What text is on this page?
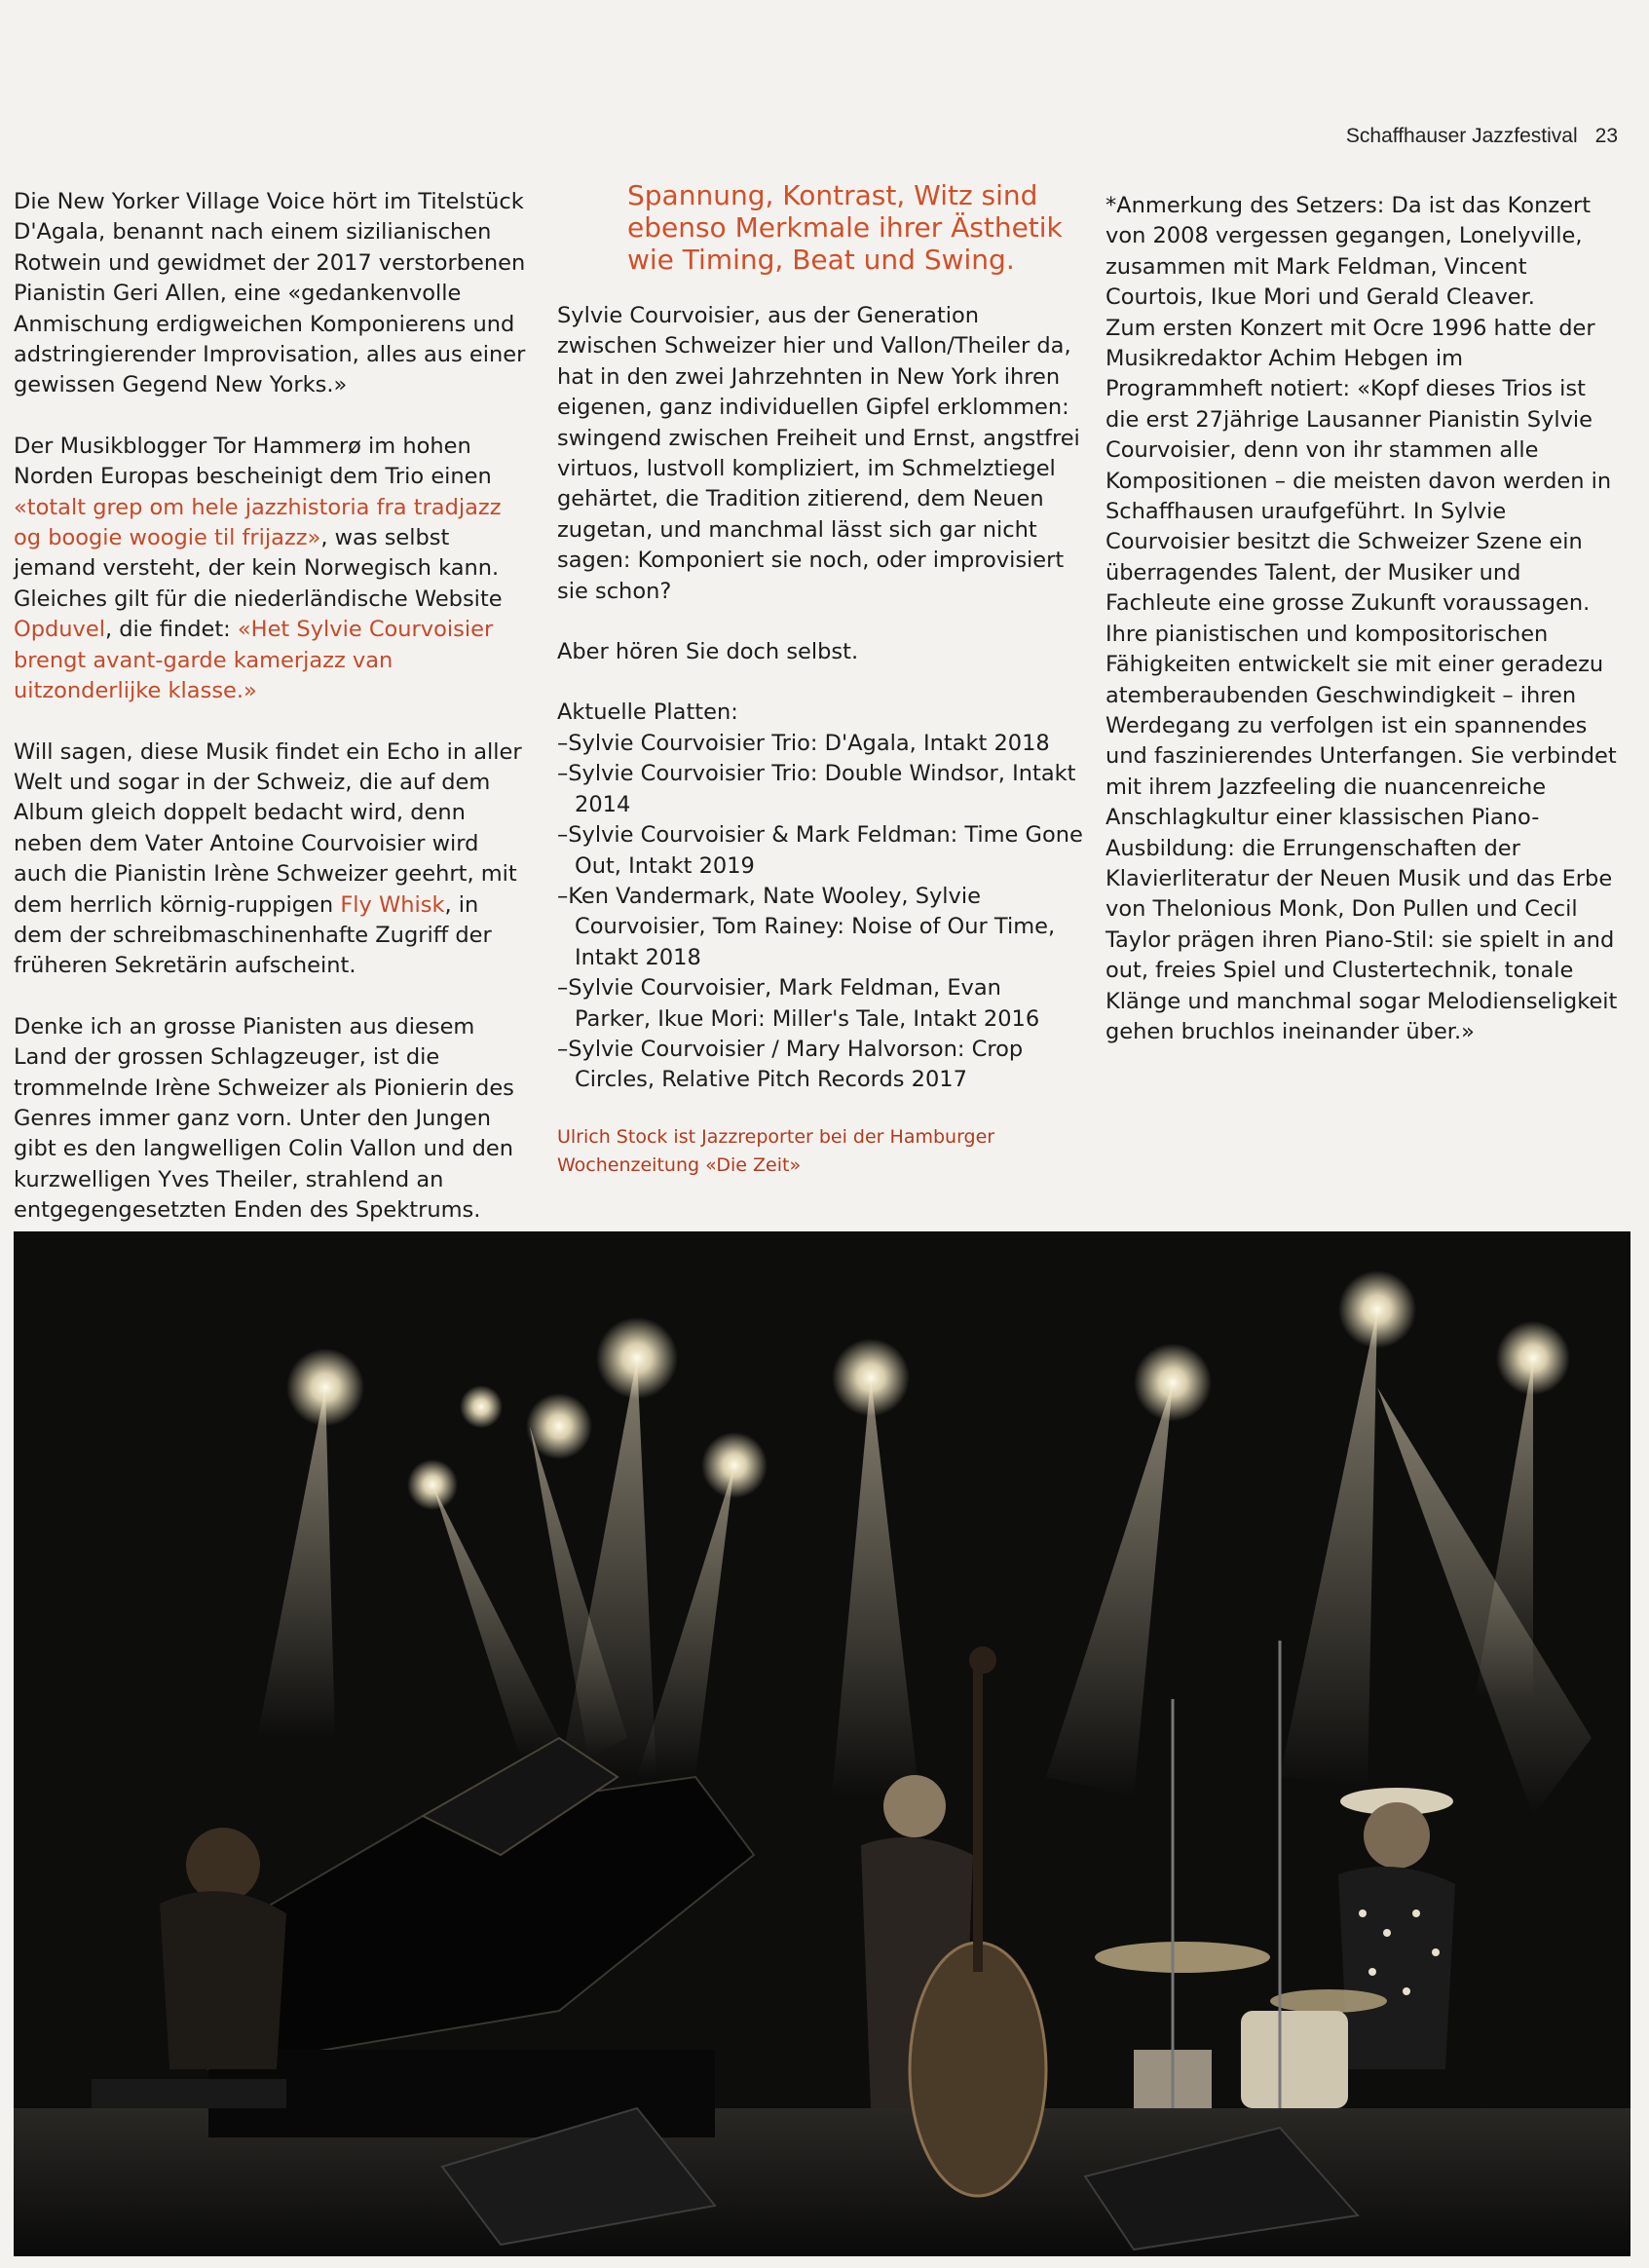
Schaffhauser Jazzfestival 23

Die New Yorker Village Voice hört im Titelstück D'Agala, benannt nach einem sizilianischen Rotwein und gewidmet der 2017 verstorbenen Pianistin Geri Allen, eine «gedankenvolle Anmischung erdigweichen Komponierens und adstringierender Improvisation, alles aus einer gewissen Gegend New Yorks.»

Der Musikblogger Tor Hammerø im hohen Norden Europas bescheinigt dem Trio einen «totalt grep om hele jazzhistoria fra tradjazz og boogie woogie til frijazz», was selbst jemand versteht, der kein Norwegisch kann. Gleiches gilt für die niederländische Website Opduvel, die findet: «Het Sylvie Courvoisier brengt avant-garde kamerjazz van uitzonderlijke klasse.»

Will sagen, diese Musik findet ein Echo in aller Welt und sogar in der Schweiz, die auf dem Album gleich doppelt bedacht wird, denn neben dem Vater Antoine Courvoisier wird auch die Pianistin Irène Schweizer geehrt, mit dem herrlich körnig-ruppigen Fly Whisk, in dem der schreibmaschinenhafte Zugriff der früheren Sekretärin aufscheint.

Denke ich an grosse Pianisten aus diesem Land der grossen Schlagzeuger, ist die trommelnde Irène Schweizer als Pionierin des Genres immer ganz vorn. Unter den Jungen gibt es den langwelligen Colin Vallon und den kurzwelligen Yves Theiler, strahlend an entgegengesetzten Enden des Spektrums.

Spannung, Kontrast, Witz sind ebenso Merkmale ihrer Ästhetik wie Timing, Beat und Swing.

Sylvie Courvoisier, aus der Generation zwischen Schweizer hier und Vallon/Theiler da, hat in den zwei Jahrzehnten in New York ihren eigenen, ganz individuellen Gipfel erklommen: swingend zwischen Freiheit und Ernst, angstfrei virtuos, lustvoll kompliziert, im Schmelztiegel gehärtet, die Tradition zitierend, dem Neuen zugetan, und manchmal lässt sich gar nicht sagen: Komponiert sie noch, oder improvisiert sie schon?

Aber hören Sie doch selbst.

Aktuelle Platten:

–Sylvie Courvoisier Trio: D'Agala, Intakt 2018
–Sylvie Courvoisier Trio: Double Windsor, Intakt 2014
–Sylvie Courvoisier & Mark Feldman: Time Gone Out, Intakt 2019
–Ken Vandermark, Nate Wooley, Sylvie Courvoisier, Tom Rainey: Noise of Our Time, Intakt 2018
–Sylvie Courvoisier, Mark Feldman, Evan Parker, Ikue Mori: Miller's Tale, Intakt 2016
–Sylvie Courvoisier / Mary Halvorson: Crop Circles, Relative Pitch Records 2017

Ulrich Stock ist Jazzreporter bei der Hamburger Wochenzeitung «Die Zeit»

*Anmerkung des Setzers: Da ist das Konzert von 2008 vergessen gegangen, Lonelyville, zusammen mit Mark Feldman, Vincent Courtois, Ikue Mori und Gerald Cleaver.

Zum ersten Konzert mit Ocre 1996 hatte der Musikredaktor Achim Hebgen im Programmheft notiert: «Kopf dieses Trios ist die erst 27jährige Lausanner Pianistin Sylvie Courvoisier, denn von ihr stammen alle Kompositionen – die meisten davon werden in Schaffhausen uraufgeführt. In Sylvie Courvoisier besitzt die Schweizer Szene ein überragendes Talent, der Musiker und Fachleute eine grosse Zukunft voraussagen. Ihre pianistischen und kompositorischen Fähigkeiten entwickelt sie mit einer geradezu atemberaubenden Geschwindigkeit – ihren Werdegang zu verfolgen ist ein spannendes und faszinierendes Unterfangen. Sie verbindet mit ihrem Jazzfeeling die nuancenreiche Anschlagkultur einer klassischen Piano-Ausbildung: die Errungenschaften der Klavierliteratur der Neuen Musik und das Erbe von Thelonious Monk, Don Pullen und Cecil Taylor prägen ihren Piano-Stil: sie spielt in and out, freies Spiel und Clustertechnik, tonale Klänge und manchmal sogar Melodienseligkeit gehen bruchlos ineinander über.»
